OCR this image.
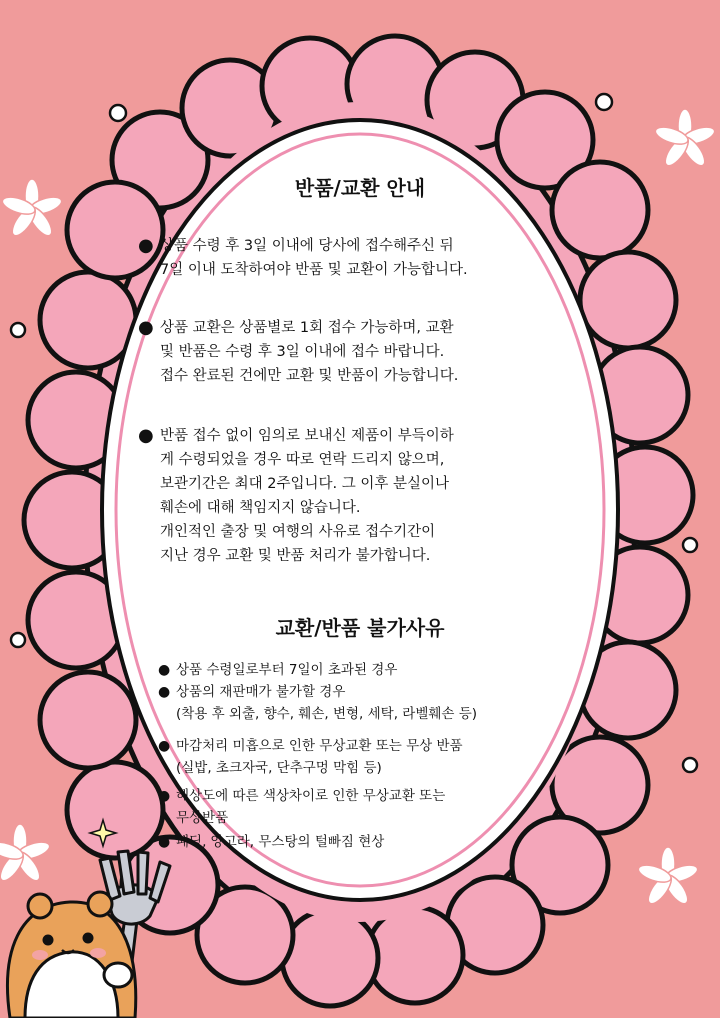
반품/교환 안내
● 상품 수령 후 3일 이내에 당사에 접수해주신 뒤
7일 이내 도착하여야 반품 및 교환이 가능합니다.
● 상품 교환은 상품별로 1회 접수 가능하며, 교환
및 반품은 수령 후 3일 이내에 접수 바랍니다.
접수 완료된 건에만 교환 및 반품이 가능합니다.
● 반품 접수 없이 임의로 보내신 제품이 부득이하
게 수령되었을 경우 따로 연락 드리지 않으며,
보관기간은 최대 2주입니다. 그 이후 분실이나
훼손에 대해 책임지지 않습니다.
개인적인 출장 및 여행의 사유로 접수기간이
지난 경우 교환 및 반품 처리가 불가합니다.
교환/반품 불가사유
● 상품 수령일로부터 7일이 초과된 경우
● 상품의 재판매가 불가할 경우
(착용 후 외출, 향수, 훼손, 변형, 세탁, 라벨훼손 등)
● 마감처리 미흡으로 인한 무상교환 또는 무상 반품
(실밥, 초크자국, 단추구멍 막힘 등)
● 해상도에 따른 색상차이로 인한 무상교환 또는
무상반품
● 패딩, 앙고라, 무스탕의 털빠짐 현상
